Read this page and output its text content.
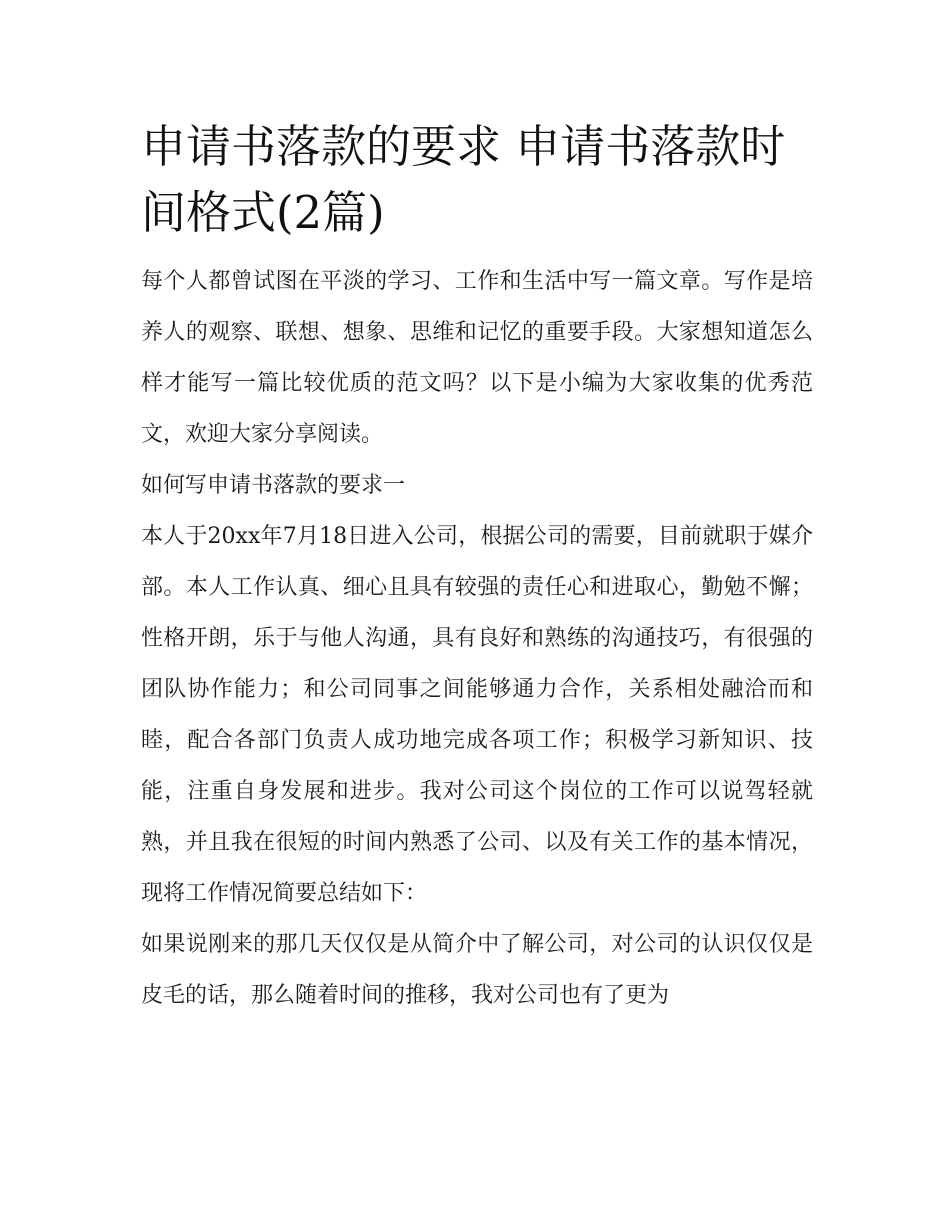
申请书落款的要求 申请书落款时间格式(2篇)

每个人都曾试图在平淡的学习、工作和生活中写一篇文章。写作是培养人的观察、联想、想象、思维和记忆的重要手段。大家想知道怎么样才能写一篇比较优质的范文吗？以下是小编为大家收集的优秀范文，欢迎大家分享阅读。

如何写申请书落款的要求一

本人于20xx年7月18日进入公司，根据公司的需要，目前就职于媒介部。本人工作认真、细心且具有较强的责任心和进取心，勤勉不懈；性格开朗，乐于与他人沟通，具有良好和熟练的沟通技巧，有很强的团队协作能力；和公司同事之间能够通力合作，关系相处融洽而和睦，配合各部门负责人成功地完成各项工作；积极学习新知识、技能，注重自身发展和进步。我对公司这个岗位的工作可以说驾轻就熟，并且我在很短的时间内熟悉了公司、以及有关工作的基本情况，现将工作情况简要总结如下：

如果说刚来的那几天仅仅是从简介中了解公司，对公司的认识仅仅是皮毛的话，那么随着时间的推移，我对公司也有了更为
